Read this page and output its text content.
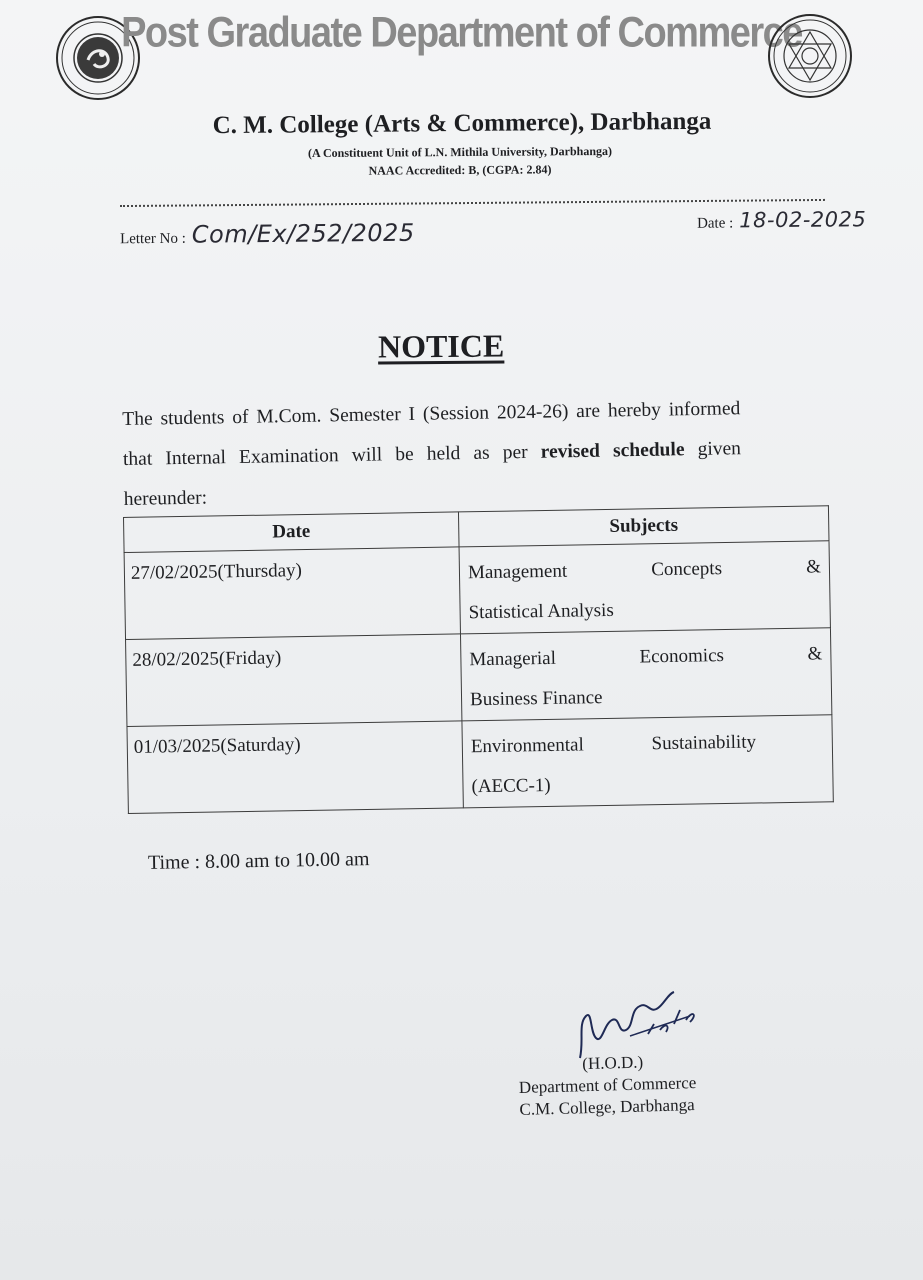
Post Graduate Department of Commerce
C. M. College (Arts & Commerce), Darbhanga
(A Constituent Unit of L.N. Mithila University, Darbhanga)
NAAC Accredited: B, (CGPA: 2.84)
Letter No : Com/Ex/252/2025	Date : 18-02-2025
NOTICE
The students of M.Com. Semester I (Session 2024-26) are hereby informed that Internal Examination will be held as per revised schedule given hereunder:
Date	Subjects
27/02/2025(Thursday)	Management Concepts &
Statistical Analysis

28/02/2025(Friday)	Managerial Economics &
Business Finance

01/03/2025(Saturday)	Environmental Sustainability
(AECC-1)
Time : 8.00 am to 10.00 am
(H.O.D.)
Department of Commerce
C.M. College, Darbhanga
